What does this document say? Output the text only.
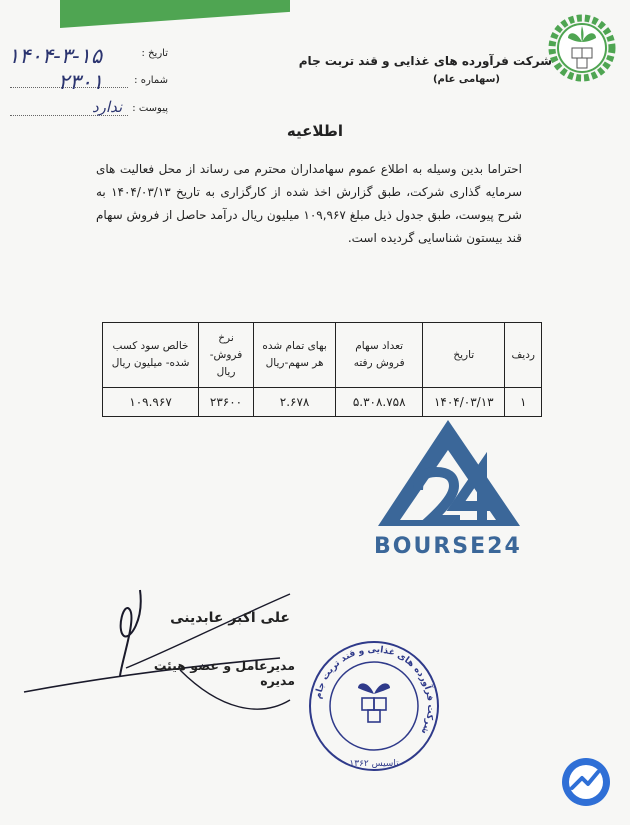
شرکت فرآورده های غذایی و قند تربت جام
(سهامی عام)
تاریخ :
شماره :
پیوست :
۱۴۰۴-۳-۱۵
۲۳۰۱
ندارد
اطلاعیه
احتراما بدین وسیله به اطلاع عموم سهامداران محترم می رساند از محل فعالیت های سرمایه گذاری شرکت، طبق گزارش اخذ شده از کارگزاری به تاریخ ۱۴۰۴/۰۳/۱۳ به شرح پیوست، طبق جدول ذیل مبلغ ۱۰۹,۹۶۷ میلیون ریال درآمد حاصل از فروش سهام قند بیستون شناسایی گردیده است.
ردیف	تاریخ	تعداد سهام فروش رفته	بهای تمام شده هر سهم-ریال	نرخ فروش- ریال	خالص سود کسب شده- میلیون ریال
۱	۱۴۰۴/۰۳/۱۳	۵.۳۰۸.۷۵۸	۲.۶۷۸	۲۳۶۰۰	۱۰۹.۹۶۷
BOURSE24
علی اکبر عابدینی
مدیرعامل و عضو هیئت مدیره
شرکت فرآورده های غذایی و قند تربت جام
تاسیس ۱۳۶۲
